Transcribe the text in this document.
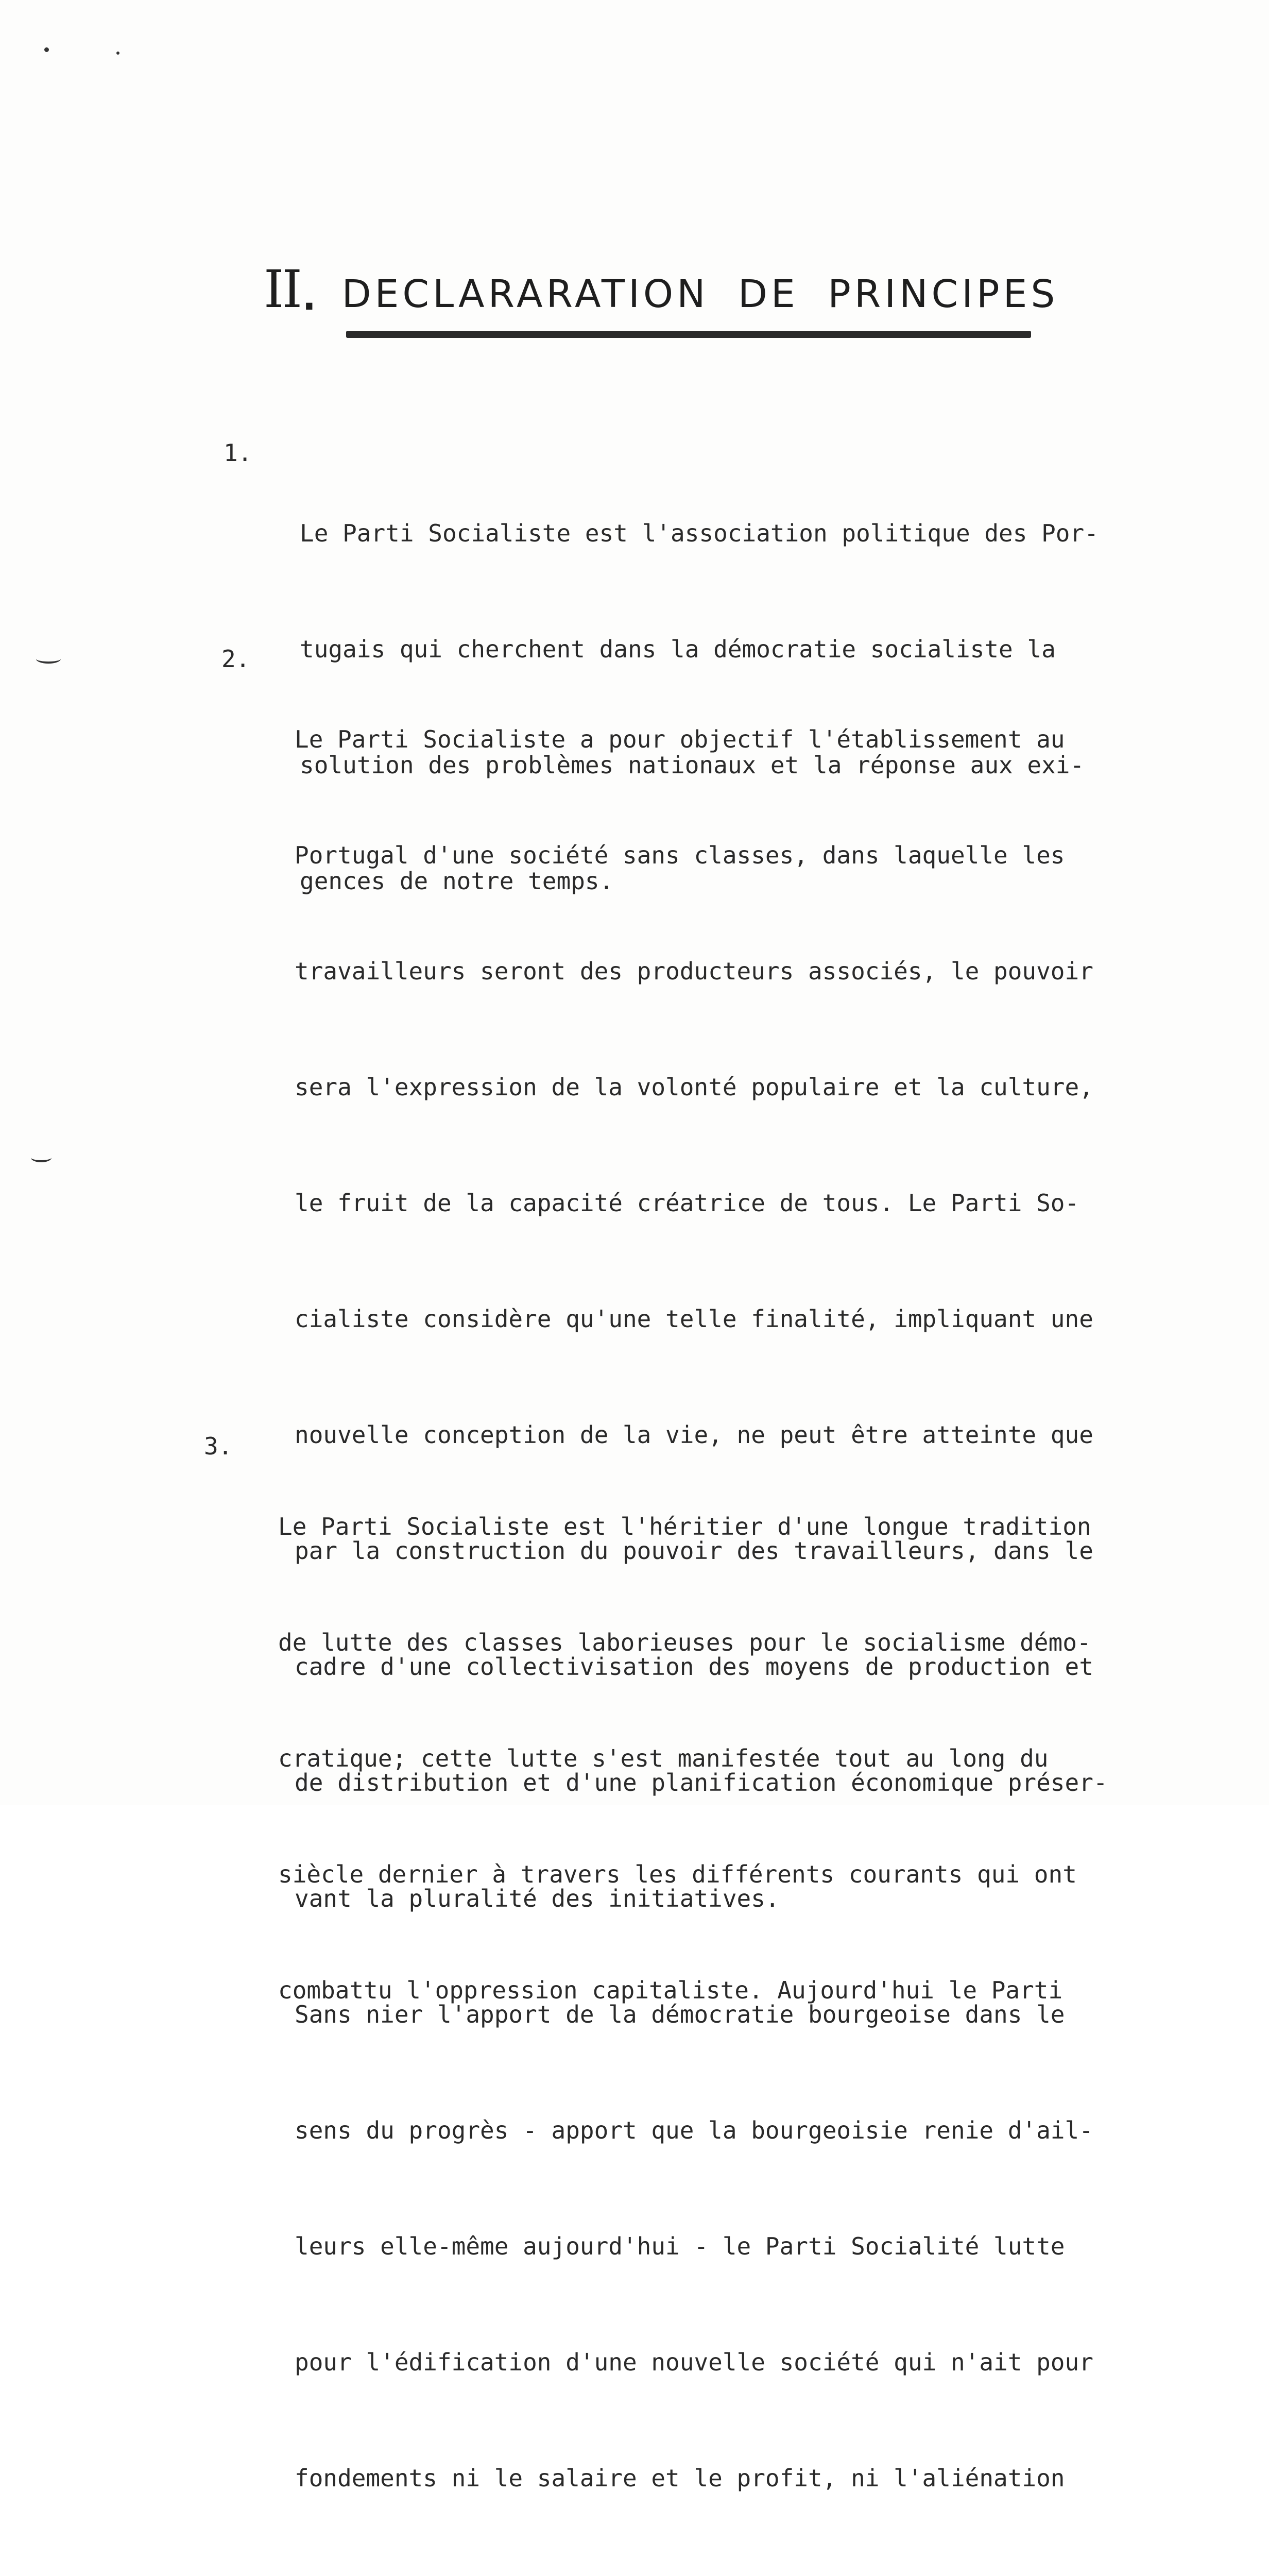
II . DECLARARATION DE PRINCIPES
1.

Le Parti Socialiste est l'association politique des Por-

tugais qui cherchent dans la démocratie socialiste la

solution des problèmes nationaux et la réponse aux exi-

gences de notre temps.

2.

Le Parti Socialiste a pour objectif l'établissement au

Portugal d'une société sans classes, dans laquelle les

travailleurs seront des producteurs associés, le pouvoir

sera l'expression de la volonté populaire et la culture,

le fruit de la capacité créatrice de tous. Le Parti So-

cialiste considère qu'une telle finalité, impliquant une

nouvelle conception de la vie, ne peut être atteinte que

par la construction du pouvoir des travailleurs, dans le

cadre d'une collectivisation des moyens de production et

de distribution et d'une planification économique préser-

vant la pluralité des initiatives.

Sans nier l'apport de la démocratie bourgeoise dans le

sens du progrès - apport que la bourgeoisie renie d'ail-

leurs elle-même aujourd'hui - le Parti Socialité lutte

pour l'édification d'une nouvelle société qui n'ait pour

fondements ni le salaire et le profit, ni l'aliénation

3.

Le Parti Socialiste est l'héritier d'une longue tradition

de lutte des classes laborieuses pour le socialisme démo-

cratique; cette lutte s'est manifestée tout au long du

siècle dernier à travers les différents courants qui ont

combattu l'oppression capitaliste. Aujourd'hui le Parti
